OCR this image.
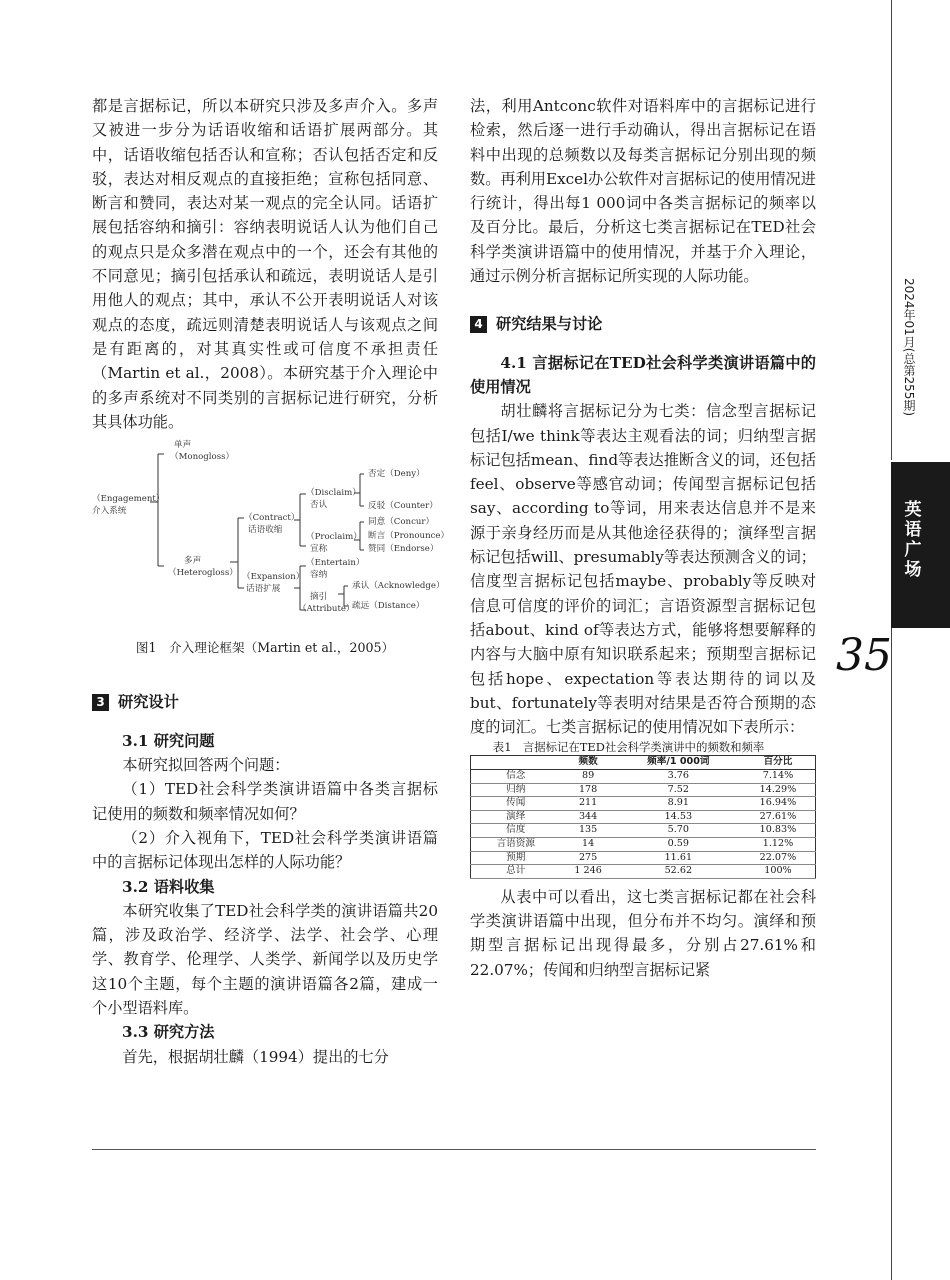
都是言据标记，所以本研究只涉及多声介入。多声又被进一步分为话语收缩和话语扩展两部分。其中，话语收缩包括否认和宣称；否认包括否定和反驳，表达对相反观点的直接拒绝；宣称包括同意、断言和赞同，表达对某一观点的完全认同。话语扩展包括容纳和摘引：容纳表明说话人认为他们自己的观点只是众多潜在观点中的一个，还会有其他的不同意见；摘引包括承认和疏远，表明说话人是引用他人的观点；其中，承认不公开表明说话人对该观点的态度，疏远则清楚表明说话人与该观点之间是有距离的，对其真实性或可信度不承担责任（Martin et al.，2008）。本研究基于介入理论中的多声系统对不同类别的言据标记进行研究，分析其具体功能。

单声
（Monogloss）
（Engagement）
介入系统
多声
（Heterogloss）
（Contract）
话语收缩
（Expansion）
话语扩展
（Disclaim）
否认
（Proclaim）
宣称
（Entertain）
容纳
摘引
（Attribute）
否定（Deny）
反驳（Counter）
同意（Concur）
断言（Pronounce）
赞同（Endorse）
承认（Acknowledge）
疏远（Distance）

图1　介入理论框架（Martin et al.，2005）

3 研究设计

3.1 研究问题

本研究拟回答两个问题：

（1）TED社会科学类演讲语篇中各类言据标记使用的频数和频率情况如何？

（2）介入视角下，TED社会科学类演讲语篇中的言据标记体现出怎样的人际功能？

3.2 语料收集

本研究收集了TED社会科学类的演讲语篇共20篇，涉及政治学、经济学、法学、社会学、心理学、教育学、伦理学、人类学、新闻学以及历史学这10个主题，每个主题的演讲语篇各2篇，建成一个小型语料库。

3.3 研究方法

首先，根据胡壮麟（1994）提出的七分

法，利用Antconc软件对语料库中的言据标记进行检索，然后逐一进行手动确认，得出言据标记在语料中出现的总频数以及每类言据标记分别出现的频数。再利用Excel办公软件对言据标记的使用情况进行统计，得出每1 000词中各类言据标记的频率以及百分比。最后，分析这七类言据标记在TED社会科学类演讲语篇中的使用情况，并基于介入理论，通过示例分析言据标记所实现的人际功能。

4 研究结果与讨论

4.1 言据标记在TED社会科学类演讲语篇中的使用情况

胡壮麟将言据标记分为七类：信念型言据标记包括I/we think等表达主观看法的词；归纳型言据标记包括mean、find等表达推断含义的词，还包括feel、observe等感官动词；传闻型言据标记包括say、according to等词，用来表达信息并不是来源于亲身经历而是从其他途径获得的；演绎型言据标记包括will、presumably等表达预测含义的词；信度型言据标记包括maybe、probably等反映对信息可信度的评价的词汇；言语资源型言据标记包括about、kind of等表达方式，能够将想要解释的内容与大脑中原有知识联系起来；预期型言据标记包括hope、expectation等表达期待的词以及but、fortunately等表明对结果是否符合预期的态度的词汇。七类言据标记的使用情况如下表所示：

表1　言据标记在TED社会科学类演讲中的频数和频率

	频数	频率/1 000词	百分比
信念	89	3.76	7.14%
归纳	178	7.52	14.29%
传闻	211	8.91	16.94%
演绎	344	14.53	27.61%
信度	135	5.70	10.83%
言语资源	14	0.59	1.12%
预期	275	11.61	22.07%
总计	1 246	52.62	100%

从表中可以看出，这七类言据标记都在社会科学类演讲语篇中出现，但分布并不均匀。演绎和预期型言据标记出现得最多，分别占27.61%和22.07%；传闻和归纳型言据标记紧

2024年01月(总第255期)
英语广场
35
